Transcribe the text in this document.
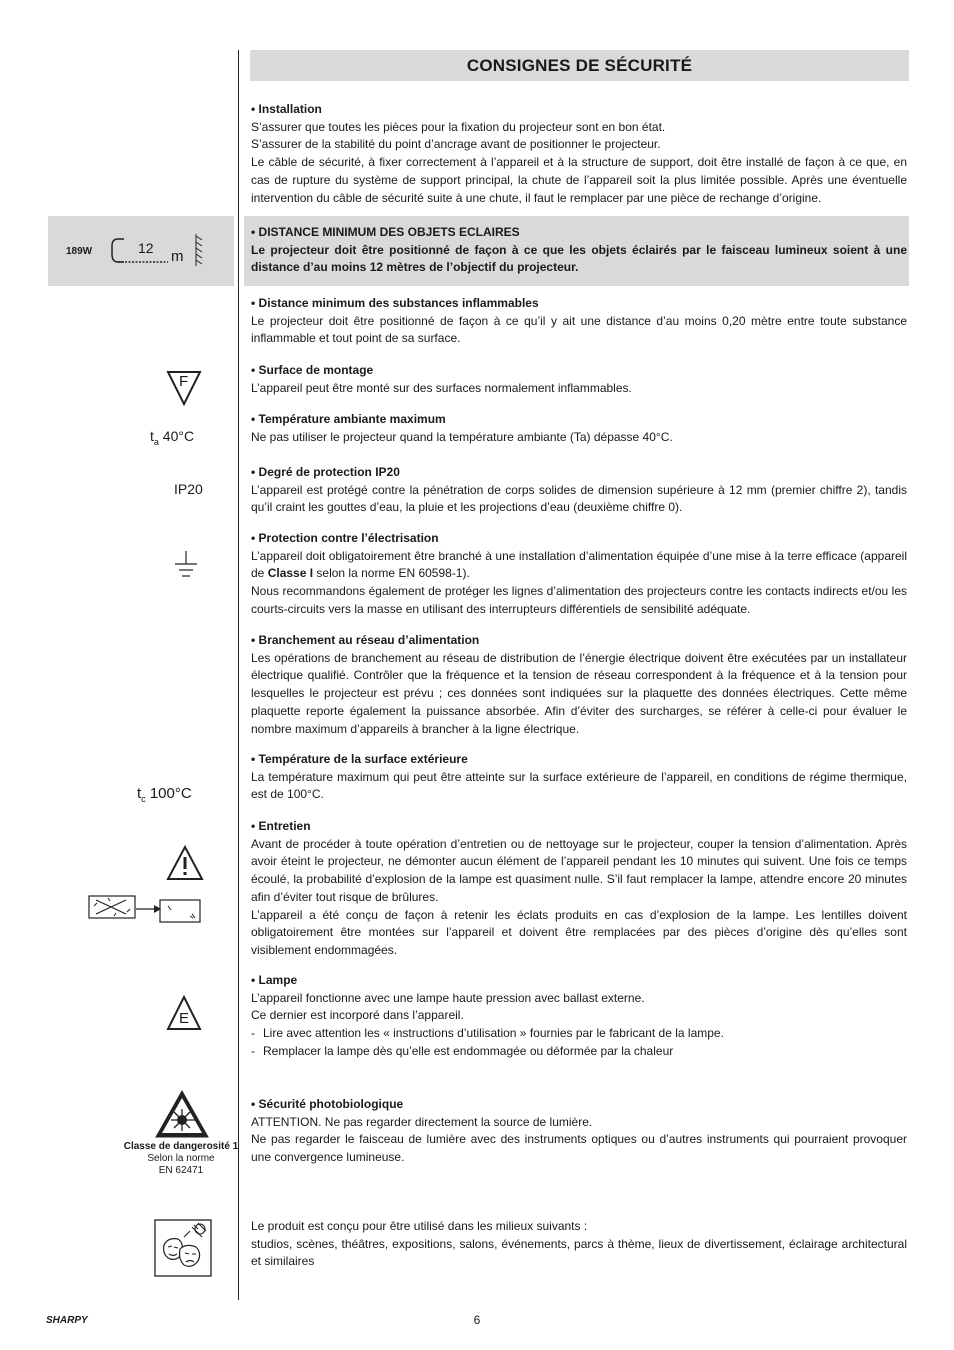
CONSIGNES DE SÉCURITÉ
• Installation

S’assurer que toutes les pièces pour la fixation du projecteur sont en bon état.

S’assurer de la stabilité du point d’ancrage avant de positionner le projecteur.

Le câble de sécurité, à fixer correctement à l’appareil et à la structure de support, doit être installé de façon à ce que, en cas de rupture du système de support principal, la chute de l’appareil soit la plus limitée possible. Après une éventuelle intervention du câble de sécurité suite à une chute, il faut le remplacer par une pièce de rechange d’origine.

• DISTANCE MINIMUM DES OBJETS ECLAIRES

Le projecteur doit être positionné de façon à ce que les objets éclairés par le faisceau lumineux soient à une distance d’au moins 12 mètres de l’objectif du projecteur.

189W	12 m
• Distance minimum des substances inflammables

Le projecteur doit être positionné de façon à ce qu’il y ait une distance d’au moins 0,20 mètre entre toute substance inflammable et tout point de sa surface.

• Surface de montage

L’appareil peut être monté sur des surfaces normalement inflammables.

F
• Température ambiante maximum

Ne pas utiliser le projecteur quand la température ambiante (Ta) dépasse 40°C.

$t_a$ 40°C
• Degré de protection IP20

L’appareil est protégé contre la pénétration de corps solides de dimension supérieure à 12 mm (premier chiffre 2), tandis qu’il craint les gouttes d’eau, la pluie et les projections d’eau (deuxième chiffre 0).

IP20
• Protection contre l’électrisation

L’appareil doit obligatoirement être branché à une installation d’alimentation équipée d’une mise à la terre efficace (appareil de Classe I selon la norme EN 60598-1).

Nous recommandons également de protéger les lignes d’alimentation des projecteurs contre les contacts indirects et/ou les courts-circuits vers la masse en utilisant des interrupteurs différentiels de sensibilité adéquate.

• Branchement au réseau d’alimentation

Les opérations de branchement au réseau de distribution de l’énergie électrique doivent être exécutées par un installateur électrique qualifié. Contrôler que la fréquence et la tension de réseau correspondent à la fréquence et à la tension pour lesquelles le projecteur est prévu ; ces données sont indiquées sur la plaquette des données électriques. Cette même plaquette reporte également la puissance absorbée. Afin d’éviter des surcharges, se référer à celle-ci pour évaluer le nombre maximum d’appareils à brancher à la ligne électrique.

• Température de la surface extérieure

La température maximum qui peut être atteinte sur la surface extérieure de l’appareil, en conditions de régime thermique, est de 100°C.

$t_c$ 100°C
• Entretien

Avant de procéder à toute opération d’entretien ou de nettoyage sur le projecteur, couper la tension d’alimentation. Après avoir éteint le projecteur, ne démonter aucun élément de l’appareil pendant les 10 minutes qui suivent. Une fois ce temps écoulé, la probabilité d’explosion de la lampe est quasiment nulle. S’il faut remplacer la lampe, attendre encore 20 minutes afin d’éviter tout risque de brûlures.

L’appareil a été conçu de façon à retenir les éclats produits en cas d’explosion de la lampe. Les lentilles doivent obligatoirement être montées sur l’appareil et doivent être remplacées par des pièces d’origine dès qu’elles sont visiblement endommagées.

• Lampe

L’appareil fonctionne avec une lampe haute pression avec ballast externe.

Ce dernier est incorporé dans l’appareil.

- Lire avec attention les « instructions d’utilisation » fournies par le fabricant de la lampe.
- Remplacer la lampe dès qu’elle est endommagée ou déformée par la chaleur
E
• Sécurité photobiologique

ATTENTION. Ne pas regarder directement la source de lumière.

Ne pas regarder le faisceau de lumière avec des instruments optiques ou d’autres instruments qui pourraient provoquer une convergence lumineuse.

Classe de dangerosité 1
Selon la norme
EN 62471

Le produit est conçu pour être utilisé dans les milieux suivants :

studios, scènes, théâtres, expositions, salons, événements, parcs à thème, lieux de divertissement, éclairage architectural et similaires

SHARPY	6
